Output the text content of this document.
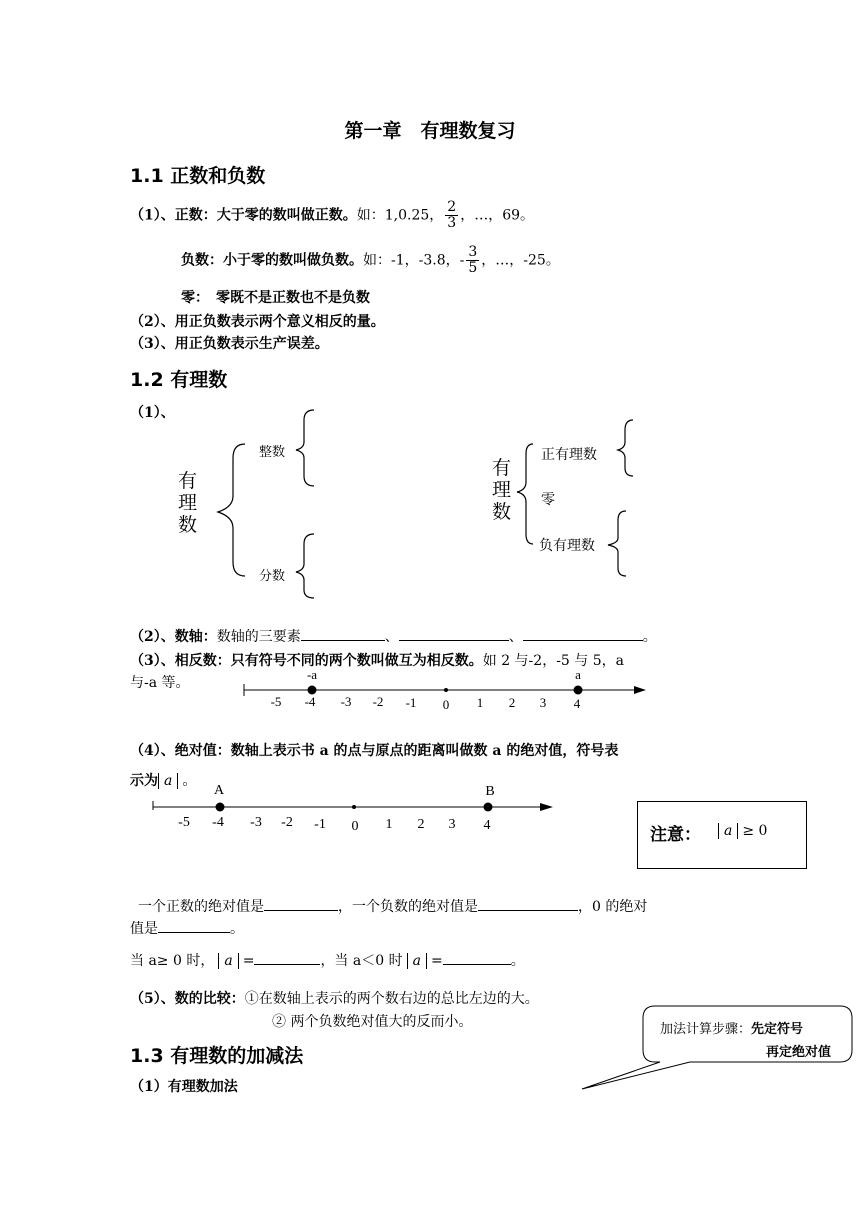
第一章　有理数复习
1.1 正数和负数
（1）、正数：大于零的数叫做正数。如：1,0.25， $\frac{2}{3}$ ，…，69。
负数：小于零的数叫做负数。如：-1，-3.8，- $\frac{3}{5}$ ，…，-25。
零：　零既不是正数也不是负数
（2）、用正负数表示两个意义相反的量。
（3）、用正负数表示生产误差。
1.2 有理数
（1）、
有
理
数
整数
分数
有
理
数
正有理数
零
负有理数
（2）、数轴：数轴的三要素	、	、	。
（3）、相反数：只有符号不同的两个数叫做互为相反数。如 2 与-2，-5 与 5，a
与-a 等。
（4）、绝对值：数轴上表示书 a 的点与原点的距离叫做数 a 的绝对值，符号表
示为 a 。
注意：	a ≥ 0
一个正数的绝对值是	，一个负数的绝对值是	，0 的绝对
值是	。
当 a≥ 0 时， a =	，当 a＜0 时 a =	。
（5）、数的比较：①在数轴上表示的两个数右边的总比左边的大。
② 两个负数绝对值大的反而小。
1.3 有理数的加减法
（1）有理数加法
加法计算步骤：先定符号
再定绝对值
-a	a
-5 -4 -3 -2 -1 0 1 2 3 4
A	B
-5 -4 -3 -2 -1 0 1 2 3 4
